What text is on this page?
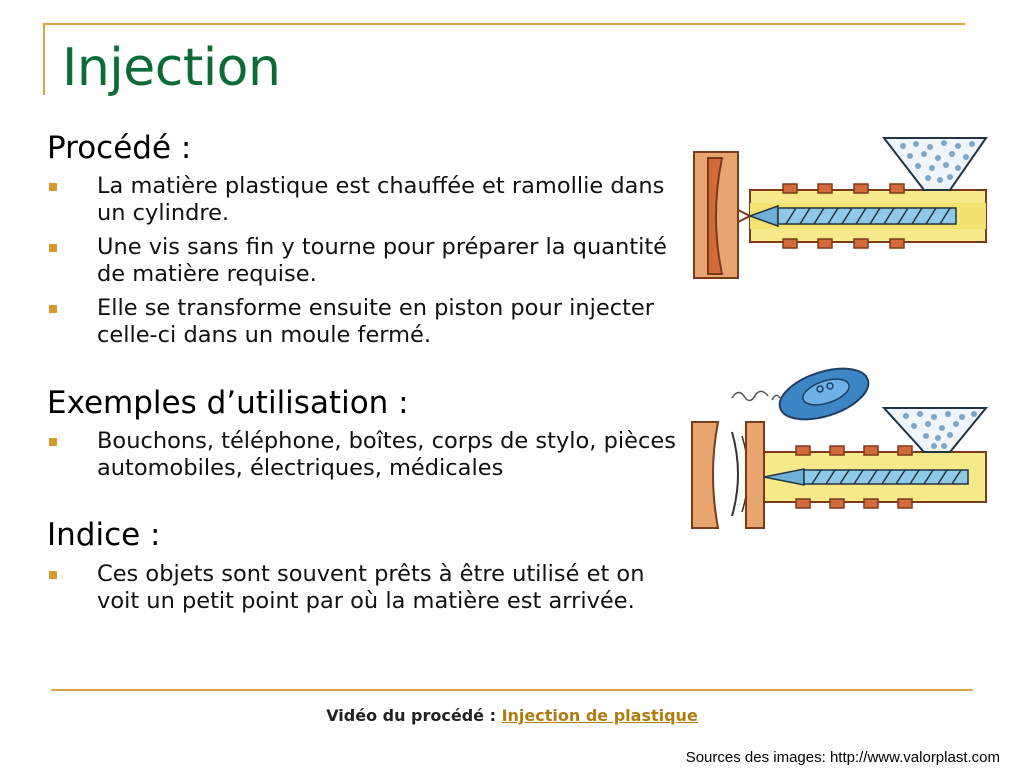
Injection
Procédé :
La matière plastique est chauffée et ramollie dans un cylindre.
Une vis sans fin y tourne pour préparer la quantité de matière requise.
Elle se transforme ensuite en piston pour injecter celle-ci dans un moule fermé.
Exemples d’utilisation :
Bouchons, téléphone, boîtes, corps de stylo, pièces automobiles, électriques, médicales
Indice :
Ces objets sont souvent prêts à être utilisé et on voit un petit point par où la matière est arrivée.
Vidéo du procédé : Injection de plastique
Sources des images: http://www.valorplast.com
